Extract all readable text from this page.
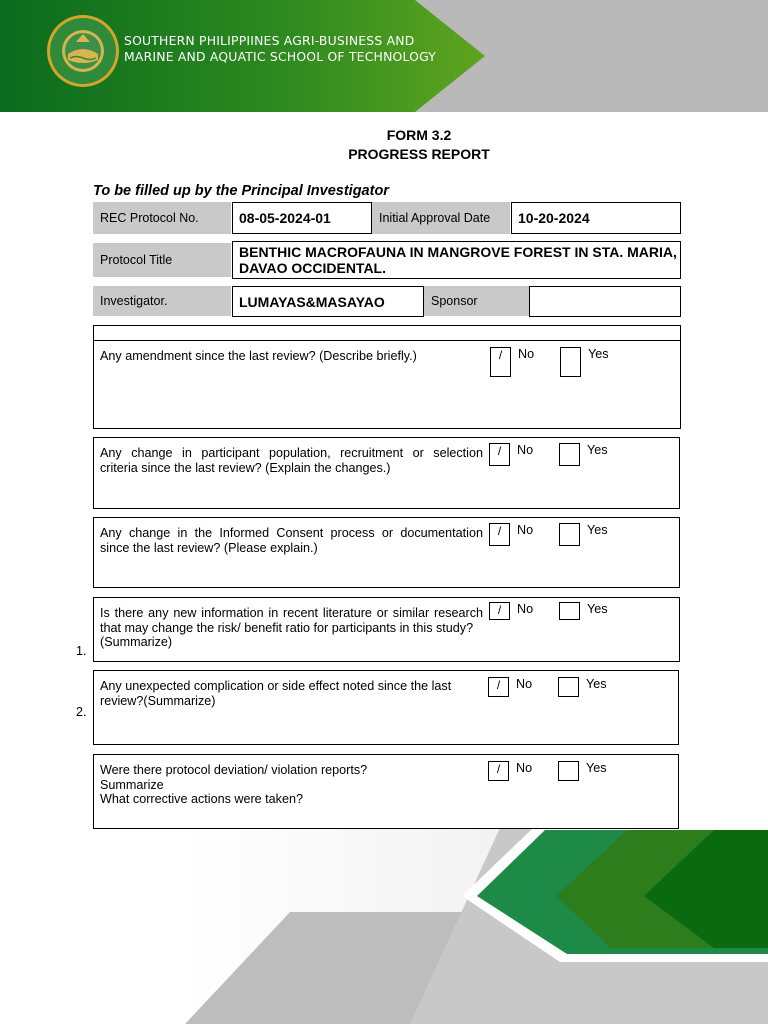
SOUTHERN PHILIPPIINES AGRI-BUSINESS AND
MARINE AND AQUATIC SCHOOL OF TECHNOLOGY
FORM 3.2
PROGRESS REPORT
To be filled up by the Principal Investigator
REC Protocol No.	08-05-2024-01	Initial Approval Date	10-20-2024
Protocol Title	BENTHIC MACROFAUNA IN MANGROVE FOREST IN STA. MARIA, DAVAO OCCIDENTAL.
Investigator.	LUMAYAS&MASAYAO	Sponsor
Any amendment since the last review? (Describe briefly.)	/	No	Yes
Any change in participant population, recruitment or selection
criteria since the last review? (Explain the changes.)
/	No	Yes
Any change in the Informed Consent process or documentation
since the last review? (Please explain.)
/	No	Yes
Is there any new information in recent literature or similar research
that may change the risk/ benefit ratio for participants in this study?
(Summarize)
/	No	Yes
1.
Any unexpected complication or side effect noted since the last
review?(Summarize)
/	No	Yes
2.
Were there protocol deviation/ violation reports?
Summarize
What corrective actions were taken?
/	No	Yes
